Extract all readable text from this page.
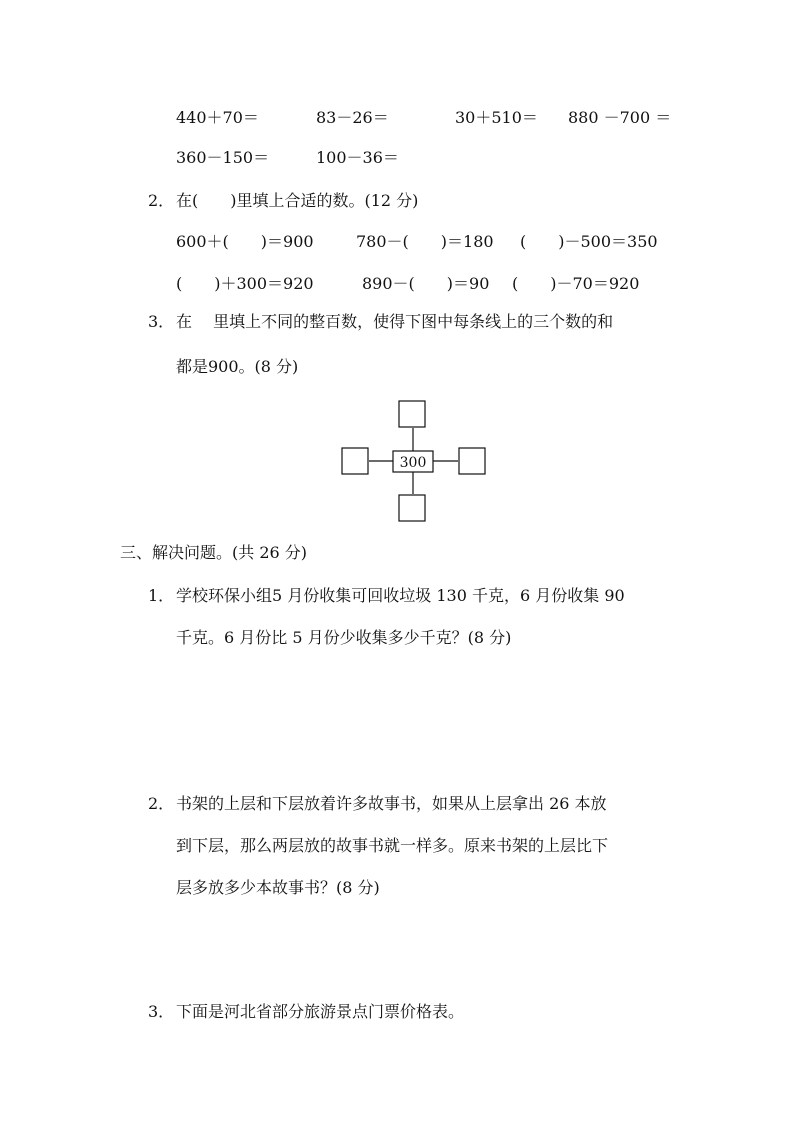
440＋70＝	83－26＝	30＋510＝ 880 －700 ＝
360－150＝	100－36＝
2． 在(　　)里填上合适的数。(12 分)
600＋(　　)＝900	780－(　　)＝180 (　　)－500＝350
(　　)＋300＝920	890－(　　)＝90 (　　)－70＝920
3． 在　 里填上不同的整百数，使得下图中每条线上的三个数的和
都是900。(8 分)
300
三、解决问题。(共 26 分)
1． 学校环保小组5 月份收集可回收垃圾 130 千克，6 月份收集 90
千克。6 月份比 5 月份少收集多少千克？(8 分)
2． 书架的上层和下层放着许多故事书，如果从上层拿出 26 本放
到下层，那么两层放的故事书就一样多。原来书架的上层比下
层多放多少本故事书？(8 分)
3． 下面是河北省部分旅游景点门票价格表。
